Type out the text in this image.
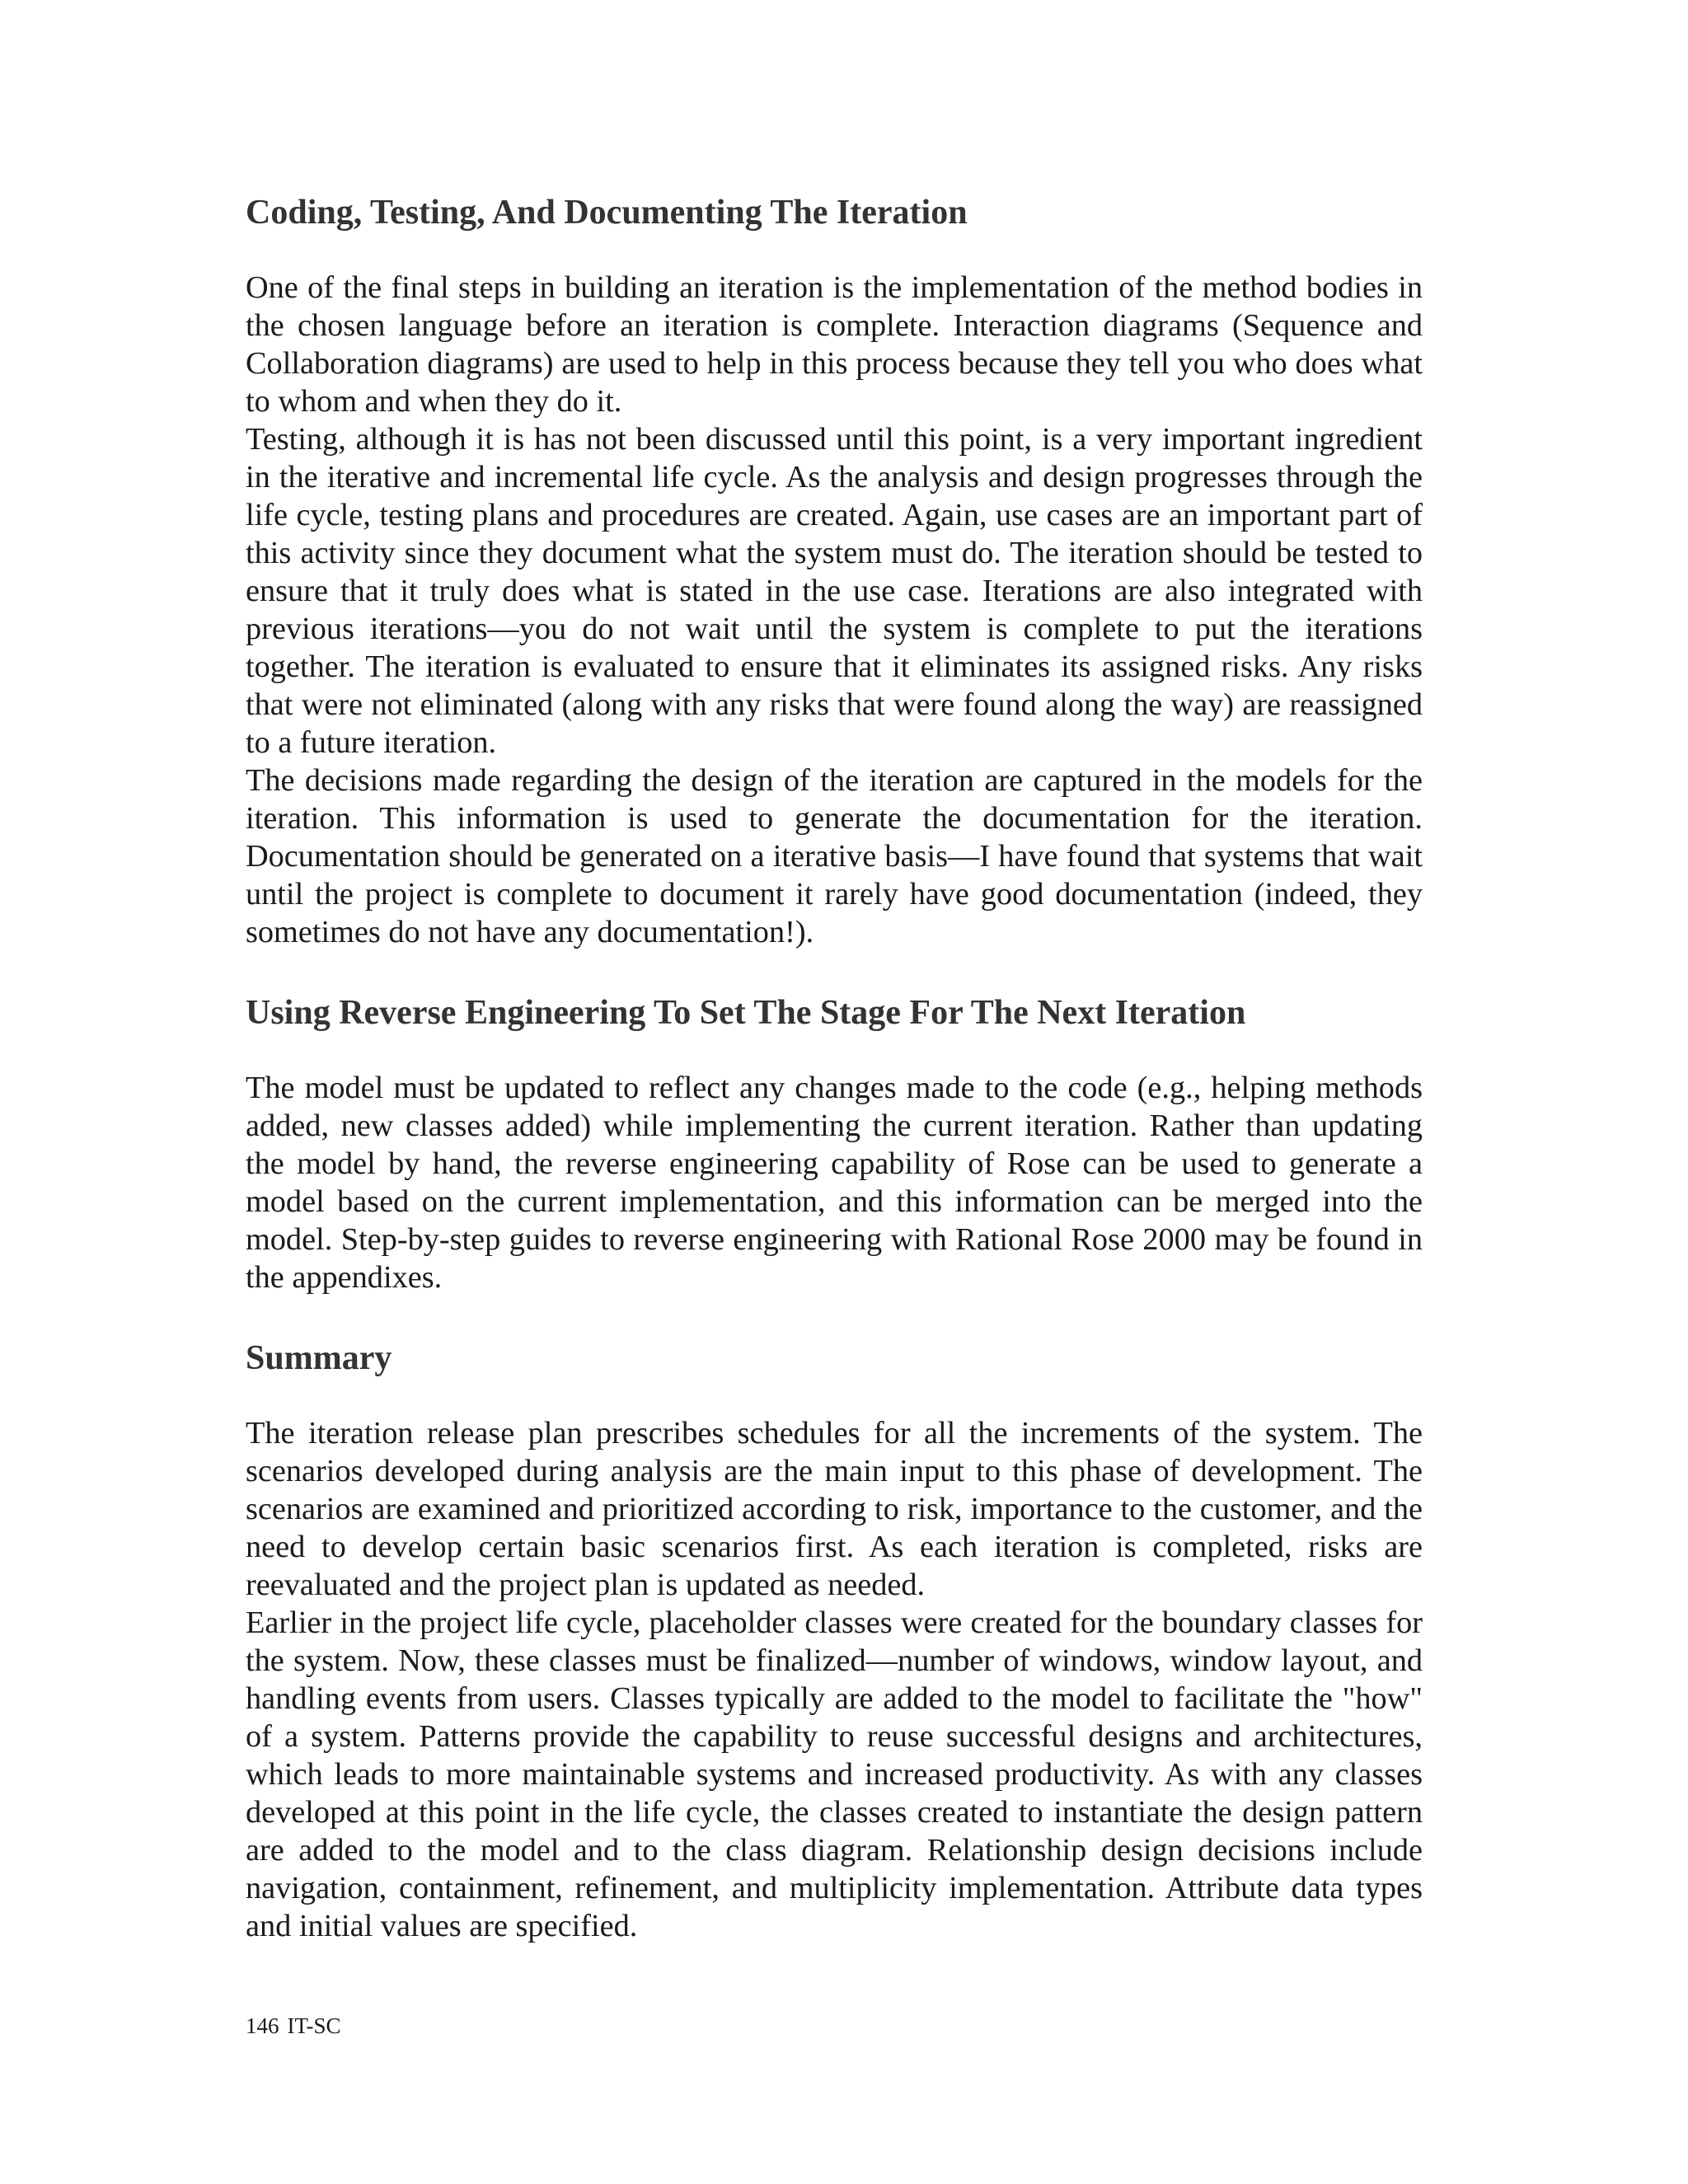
Coding, Testing, And Documenting The Iteration

One of the final steps in building an iteration is the implementation of the method bodies in the chosen language before an iteration is complete. Interaction diagrams (Sequence and Collaboration diagrams) are used to help in this process because they tell you who does what to whom and when they do it.

Testing, although it is has not been discussed until this point, is a very important ingredient in the iterative and incremental life cycle. As the analysis and design progresses through the life cycle, testing plans and procedures are created. Again, use cases are an important part of this activity since they document what the system must do. The iteration should be tested to ensure that it truly does what is stated in the use case. Iterations are also integrated with previous iterations—you do not wait until the system is complete to put the iterations together. The iteration is evaluated to ensure that it eliminates its assigned risks. Any risks that were not eliminated (along with any risks that were found along the way) are reassigned to a future iteration.

The decisions made regarding the design of the iteration are captured in the models for the iteration. This information is used to generate the documentation for the iteration. Documentation should be generated on a iterative basis—I have found that systems that wait until the project is complete to document it rarely have good documentation (indeed, they sometimes do not have any documentation!).

Using Reverse Engineering To Set The Stage For The Next Iteration

The model must be updated to reflect any changes made to the code (e.g., helping methods added, new classes added) while implementing the current iteration. Rather than updating the model by hand, the reverse engineering capability of Rose can be used to generate a model based on the current implementation, and this information can be merged into the model. Step-by-step guides to reverse engineering with Rational Rose 2000 may be found in the appendixes.

Summary

The iteration release plan prescribes schedules for all the increments of the system. The scenarios developed during analysis are the main input to this phase of development. The scenarios are examined and prioritized according to risk, importance to the customer, and the need to develop certain basic scenarios first. As each iteration is completed, risks are reevaluated and the project plan is updated as needed.

Earlier in the project life cycle, placeholder classes were created for the boundary classes for the system. Now, these classes must be finalized—number of windows, window layout, and handling events from users. Classes typically are added to the model to facilitate the "how" of a system. Patterns provide the capability to reuse successful designs and architectures, which leads to more maintainable systems and increased productivity. As with any classes developed at this point in the life cycle, the classes created to instantiate the design pattern are added to the model and to the class diagram. Relationship design decisions include navigation, containment, refinement, and multiplicity implementation. Attribute data types and initial values are specified.

146 IT-SC
